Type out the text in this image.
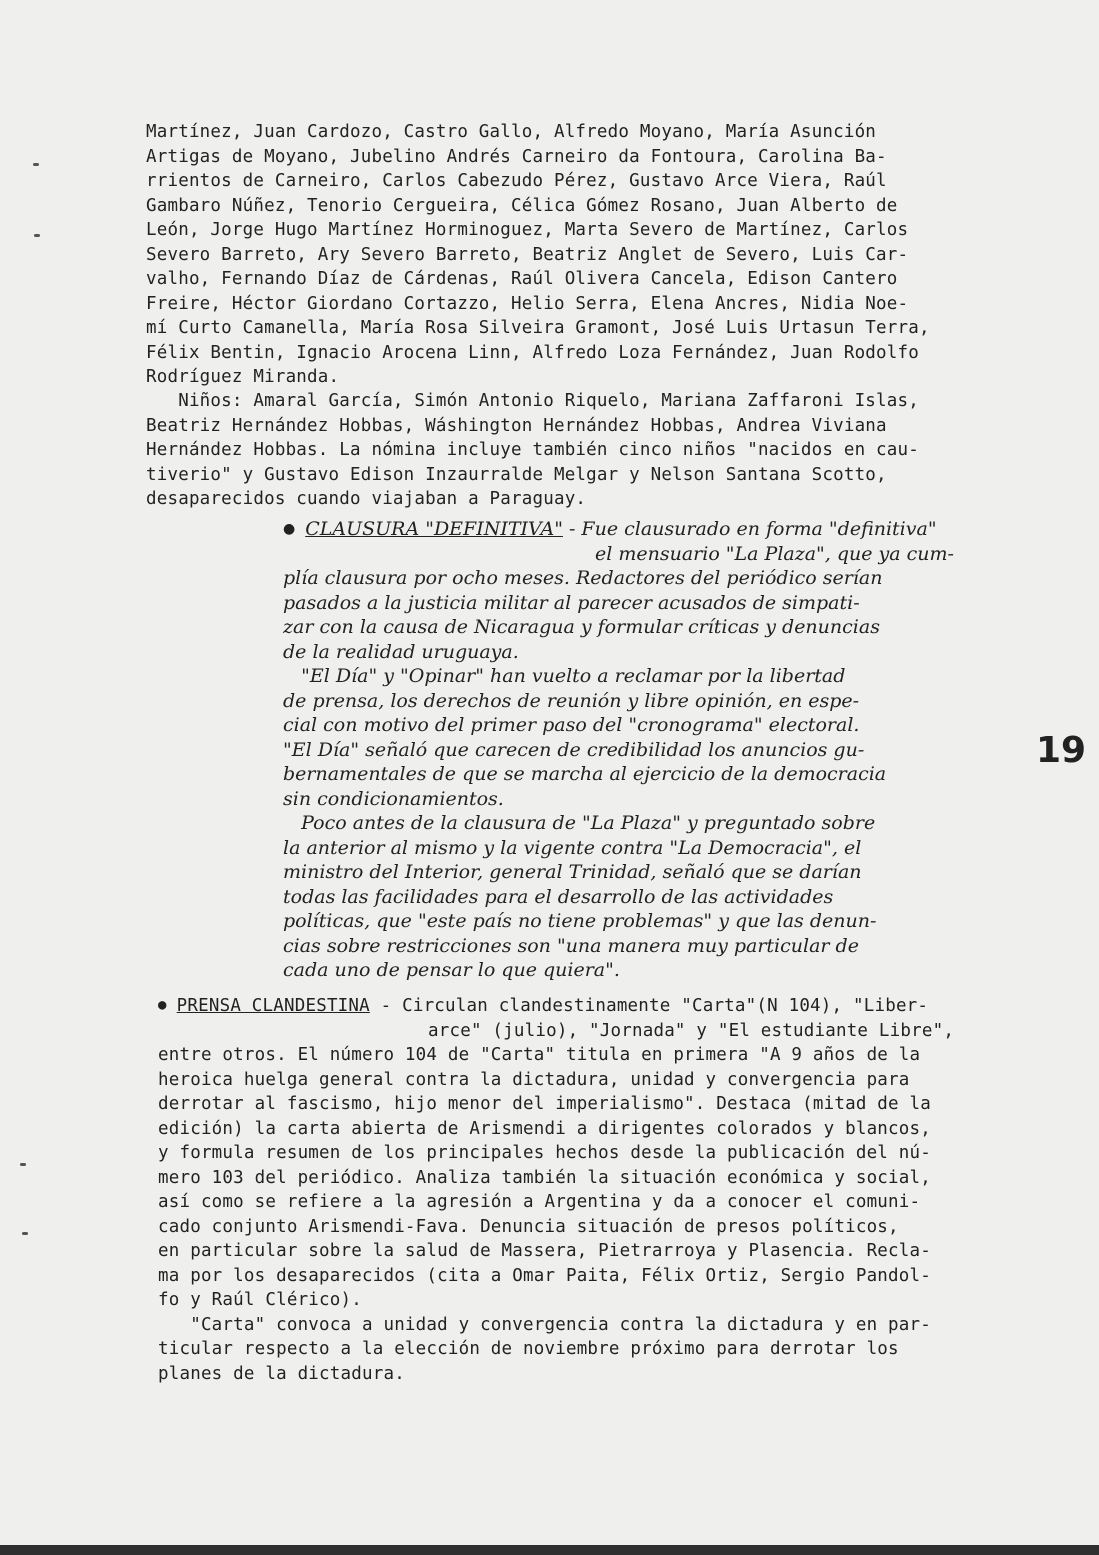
Martínez, Juan Cardozo, Castro Gallo, Alfredo Moyano, María Asunción

Artigas de Moyano, Jubelino Andrés Carneiro da Fontoura, Carolina Ba-

rrientos de Carneiro, Carlos Cabezudo Pérez, Gustavo Arce Viera, Raúl

Gambaro Núñez, Tenorio Cergueira, Célica Gómez Rosano, Juan Alberto de

León, Jorge Hugo Martínez Horminoguez, Marta Severo de Martínez, Carlos

Severo Barreto, Ary Severo Barreto, Beatriz Anglet de Severo, Luis Car-

valho, Fernando Díaz de Cárdenas, Raúl Olivera Cancela, Edison Cantero

Freire, Héctor Giordano Cortazzo, Helio Serra, Elena Ancres, Nidia Noe-

mí Curto Camanella, María Rosa Silveira Gramont, José Luis Urtasun Terra,

Félix Bentin, Ignacio Arocena Linn, Alfredo Loza Fernández, Juan Rodolfo

Rodríguez Miranda.

Niños: Amaral García, Simón Antonio Riquelo, Mariana Zaffaroni Islas,

Beatriz Hernández Hobbas, Wáshington Hernández Hobbas, Andrea Viviana

Hernández Hobbas. La nómina incluye también cinco niños "nacidos en cau-

tiverio" y Gustavo Edison Inzaurralde Melgar y Nelson Santana Scotto,

desaparecidos cuando viajaban a Paraguay.

● CLAUSURA "DEFINITIVA" - Fue clausurado en forma "definitiva"

el mensuario "La Plaza", que ya cum-

plía clausura por ocho meses. Redactores del periódico serían

pasados a la justicia militar al parecer acusados de simpati-

zar con la causa de Nicaragua y formular críticas y denuncias

de la realidad uruguaya.

"El Día" y "Opinar" han vuelto a reclamar por la libertad

de prensa, los derechos de reunión y libre opinión, en espe-

cial con motivo del primer paso del "cronograma" electoral.

"El Día" señaló que carecen de credibilidad los anuncios gu-

bernamentales de que se marcha al ejercicio de la democracia

sin condicionamientos.

Poco antes de la clausura de "La Plaza" y preguntado sobre

la anterior al mismo y la vigente contra "La Democracia", el

ministro del Interior, general Trinidad, señaló que se darían

todas las facilidades para el desarrollo de las actividades

políticas, que "este país no tiene problemas" y que las denun-

cias sobre restricciones son "una manera muy particular de

cada uno de pensar lo que quiera".

● PRENSA CLANDESTINA - Circulan clandestinamente "Carta"(N 104), "Liber-

arce" (julio), "Jornada" y "El estudiante Libre",

entre otros. El número 104 de "Carta" titula en primera "A 9 años de la

heroica huelga general contra la dictadura, unidad y convergencia para

derrotar al fascismo, hijo menor del imperialismo". Destaca (mitad de la

edición) la carta abierta de Arismendi a dirigentes colorados y blancos,

y formula resumen de los principales hechos desde la publicación del nú-

mero 103 del periódico. Analiza también la situación económica y social,

así como se refiere a la agresión a Argentina y da a conocer el comuni-

cado conjunto Arismendi-Fava. Denuncia situación de presos políticos,

en particular sobre la salud de Massera, Pietrarroya y Plasencia. Recla-

ma por los desaparecidos (cita a Omar Paita, Félix Ortiz, Sergio Pandol-

fo y Raúl Clérico).

"Carta" convoca a unidad y convergencia contra la dictadura y en par-

ticular respecto a la elección de noviembre próximo para derrotar los

planes de la dictadura.

19
